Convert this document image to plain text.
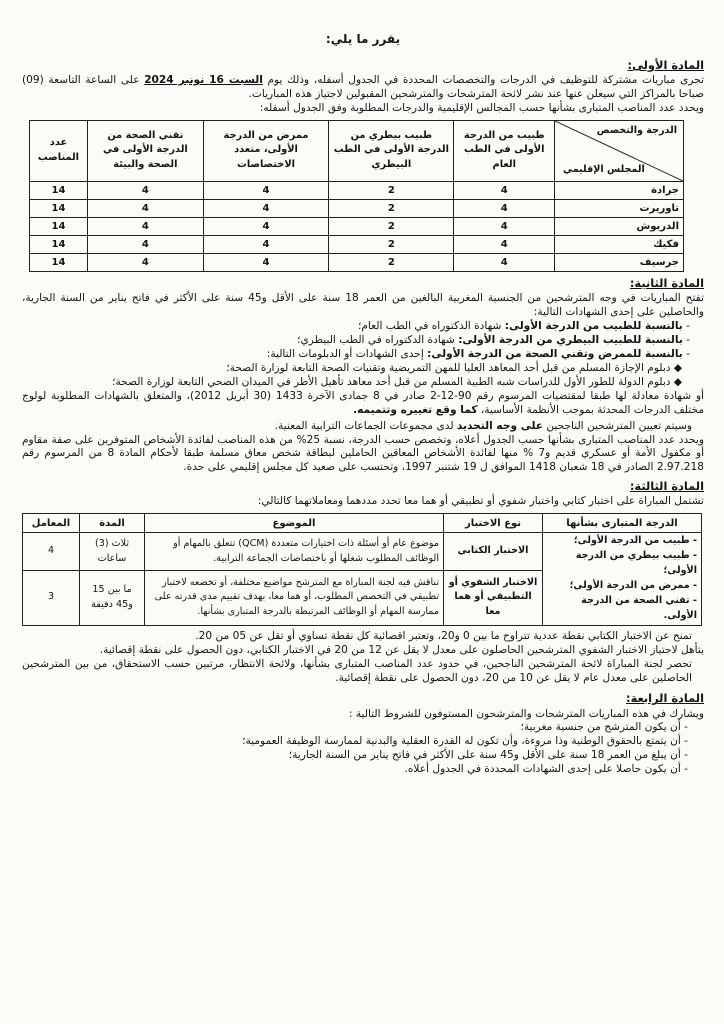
يقرر ما يلي:
المادة الأولى:

تجرى مباريات مشتركة للتوظيف في الدرجات والتخصصات المحددة في الجدول أسفله، وذلك يوم السبت 16 نونبر 2024 على الساعة التاسعة (09) صباحا بالمراكز التي سيعلن عنها عند نشر لائحة المترشحات والمترشحين المقبولين لاجتياز هذه المباريات.

ويحدد عدد المناصب المتبارى بشأنها حسب المجالس الإقليمية والدرجات المطلوبة وفق الجدول أسفله:

الدرجة والتخصص
المجلس الإقليمي	طبيب من الدرجة الأولى في الطب العام	طبيب بيطري من الدرجة الأولى في الطب البيطري	ممرض من الدرجة الأولى، متعدد الاختصاصات	تقني الصحة من الدرجة الأولى في الصحة والبيئة	عدد المناصب
جرادة	4	2	4	4	14
تاوريرت	4	2	4	4	14
الدريوش	4	2	4	4	14
فكيك	4	2	4	4	14
جرسيف	4	2	4	4	14
المادة الثانية:

تفتح المباريات في وجه المترشحين من الجنسية المغربية البالغين من العمر 18 سنة على الأقل و45 سنة على الأكثر في فاتح يناير من السنة الجارية، والحاصلين على إحدى الشهادات التالية:

- بالنسبة للطبيب من الدرجة الأولى: شهادة الدكتوراه في الطب العام؛
- بالنسبة للطبيب البيطري من الدرجة الأولى: شهادة الدكتوراه في الطب البيطري؛
- بالنسبة للممرض وتقني الصحة من الدرجة الأولى: إحدى الشهادات أو الدبلومات التالية:
◆ دبلوم الإجازة المسلم من قبل أحد المعاهد العليا للمهن التمريضية وتقنيات الصحة التابعة لوزارة الصحة؛
◆ دبلوم الدولة للطور الأول للدراسات شبه الطبية المسلم من قبل أحد معاهد تأهيل الأطر في الميدان الصحي التابعة لوزارة الصحة؛

أو شهادة معادلة لها طبقا لمقتضيات المرسوم رقم 90-12-2 صادر في 8 جمادى الآخرة 1433 (30 أبريل 2012)، والمتعلق بالشهادات المطلوبة لولوج مختلف الدرجات المحدثة بموجب الأنظمة الأساسية، كما وقع تغييره وتتميمه.

وسيتم تعيين المترشحين الناجحين على وجه التحديد لدى مجموعات الجماعات الترابية المعنية.

ويحدد عدد المناصب المتبارى بشأنها حسب الجدول أعلاه، وتخصص حسب الدرجة، نسبة 25% من هذه المناصب لفائدة الأشخاص المتوفرين على صفة مقاوم أو مكفول الأمة أو عسكري قديم و7 % منها لفائدة الأشخاص المعاقين الحاملين لبطاقة شخص معاق مسلمة طبقا لأحكام المادة 8 من المرسوم رقم 2.97.218 الصادر في 18 شعبان 1418 الموافق ل 19 شتنبر 1997، وتحتسب على صعيد كل مجلس إقليمي على حدة.

المادة الثالثة:

تشتمل المباراة على اختبار كتابي واختبار شفوي أو تطبيقي أو هما معا تحدد مددهما ومعاملاتهما كالتالي:

الدرجة المتبارى بشأنها	نوع الاختبار	الموضوع	المدة	المعامل

- طبيب من الدرجة الأولى؛
- طبيب بيطري من الدرجة الأولى؛
- ممرض من الدرجة الأولى؛
- تقني الصحة من الدرجة الأولى.	الاختبار الكتابي	موضوع عام أو أسئلة ذات اختيارات متعددة (QCM) تتعلق بالمهام أو الوظائف المطلوب شغلها أو باختصاصات الجماعة الترابية.	ثلاث (3) ساعات	4
	الاختبار الشفوي أو التطبيقي أو هما معا	تناقش فيه لجنة المباراة مع المترشح مواضيع مختلفة، أو تخضعه لاختبار تطبيقي في التخصص المطلوب، أو هما معا، بهدف تقييم مدى قدرته على ممارسة المهام أو الوظائف المرتبطة بالدرجة المتبارى بشأنها.	ما بين 15 و45 دقيقة	3

تمنح عن الاختبار الكتابي نقطة عددية تتراوح ما بين 0 و20، وتعتبر اقصائية كل نقطة تساوي أو تقل عن 05 من 20.

يتأهل لاجتياز الاختبار الشفوي المترشحين الحاصلون على معدل لا يقل عن 12 من 20 في الاختبار الكتابي، دون الحصول على نقطة إقصائية.

تحصر لجنة المباراة لائحة المترشحين الناجحين، في حدود عدد المناصب المتبارى بشأنها، ولائحة الانتظار، مرتبين حسب الاستحقاق، من بين المترشحين الحاصلين على معدل عام لا يقل عن 10 من 20، دون الحصول على نقطة إقصائية.

المادة الرابعة:

ويشارك في هذه المباريات المترشحات والمترشحون المستوفون للشروط التالية :

- أن يكون المترشح من جنسية مغربية؛
- أن يتمتع بالحقوق الوطنية وذا مروءة، وأن تكون له القدرة العقلية والبدنية لممارسة الوظيفة العمومية؛
- أن يبلغ من العمر 18 سنة على الأقل و45 سنة على الأكثر في فاتح يناير من السنة الجارية؛
- أن يكون حاصلا على إحدى الشهادات المحددة في الجدول أعلاه.
